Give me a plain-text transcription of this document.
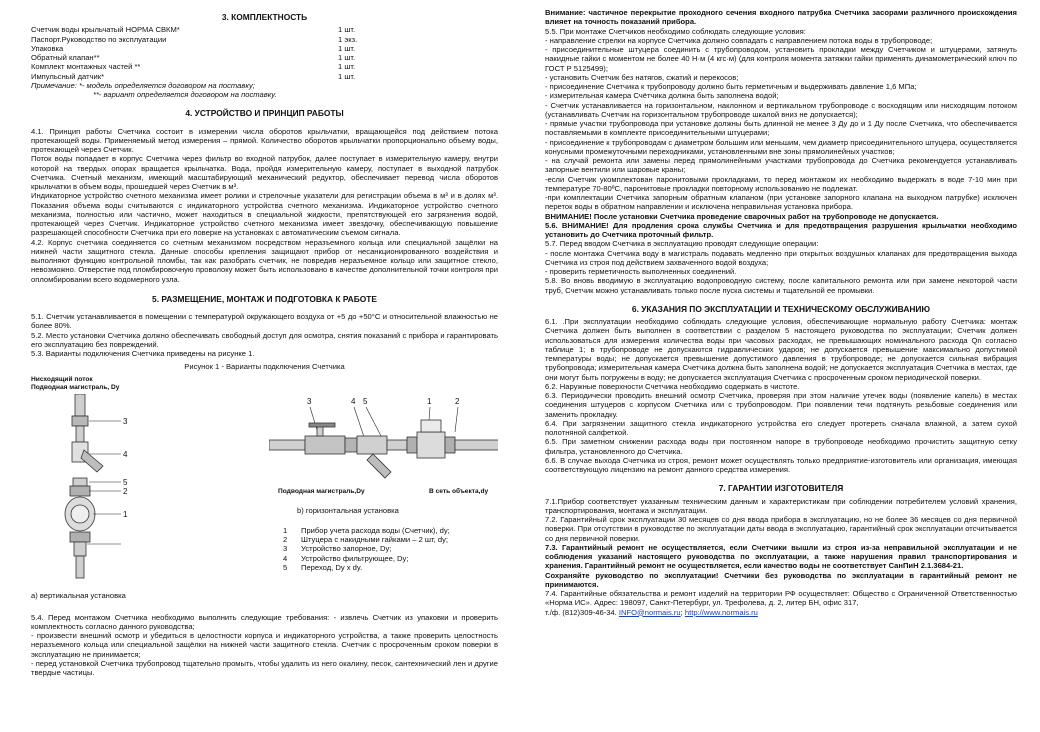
3. КОМПЛЕКТНОСТЬ
Счетчик воды крыльчатый НОРМА СВКМ*	1 шт.
Паспорт.Руководство по эксплуатации	1 экз.
Упаковка	1 шт.
Обратный клапан**	1 шт.
Комплект монтажных частей **	1 шт.
Импульсный датчик*	1 шт.

Примечание: *- модель определяется договором на поставку;

**- вариант определяется договором на поставку.

4. УСТРОЙСТВО И ПРИНЦИП РАБОТЫ

4.1. Принцип работы Счетчика состоит в измерении числа оборотов крыльчатки, вращающейся под действием потока протекающей воды. Применяемый метод измерения – прямой. Количество оборотов крыльчатки пропорционально объему воды, протекающей через Счетчик.

Поток воды попадает в корпус Счетчика через фильтр во входной патрубок, далее поступает в измерительную камеру, внутри которой на твердых опорах вращается крыльчатка. Вода, пройдя измерительную камеру, поступает в выходной патрубок Счетчика. Счетный механизм, имеющий масштабирующий механический редуктор, обеспечивает перевод числа оборотов крыльчатки в объем воды, прошедшей через Счетчик в м³.

Индикаторное устройство счетного механизма имеет ролики и стрелочные указатели для регистрации объема в м³ и в долях м³. Показания объема воды считываются с индикаторного устройства счетного механизма. Индикаторное устройство счетного механизма, полностью или частично, может находиться в специальной жидкости, препятствующей его загрязнения водой, протекающей через Счетчик. Индикаторное устройство счетного механизма имеет звездочку, обеспечивающую повышение разрешающей способности Счетчика при его поверке на установках с автоматическим съемом сигнала.

4.2. Корпус счетчика соединяется со счетным механизмом посредством неразъемного кольца или специальной защёлки на нижней части защитного стекла. Данные способы крепления защищают прибор от несанкционированного воздействия и выполняют функцию контрольной пломбы, так как разобрать счетчик, не повредив неразъемное кольцо или защитное стекло, невозможно. Отверстие под пломбировочную проволоку может быть использовано в качестве дополнительной точки контроля при опломбировании всего водомерного узла.

5. РАЗМЕЩЕНИЕ, МОНТАЖ И ПОДГОТОВКА К РАБОТЕ

5.1. Счетчик устанавливается в помещении с температурой окружающего воздуха от +5 до +50°С и относительной влажностью не более 80%.

5.2. Место установки Счетчика должно обеспечивать свободный доступ для осмотра, снятия показаний с прибора и гарантировать его эксплуатацию без повреждений.

5.3. Варианты подключения Счетчика приведены на рисунке 1.

Рисунок 1 - Варианты подключения Счетчика
Нисходящий поток
Подводная магистраль, Dy
3
4
5
2
1
3	4 5	1	2
Подводная магистраль,Dy	В сеть объекта,dy
b) горизонтальная установка
1 Прибор учета расхода воды (Счетчик), dy;
2 Штуцера с накидными гайками – 2 шт, dy;
3 Устройство запорное, Dy;
4 Устройство фильтрующее, Dy;
5 Переход, Dy x dy.
а) вертикальная установка

5.4. Перед монтажом Счетчика необходимо выполнить следующие требования: - извлечь Счетчик из упаковки и проверить комплектность согласно данного руководства;

- произвести внешний осмотр и убедиться в целостности корпуса и индикаторного устройства, а также проверить целостность неразъемного кольца или специальной защёлки на нижней части защитного стекла. Счетчик с просроченным сроком поверки в эксплуатацию не принимается;

- перед установкой Счетчика трубопровод тщательно промыть, чтобы удалить из него окалину, песок, сантехнический лен и другие твердые частицы.

Внимание: частичное перекрытие проходного сечения входного патрубка Счетчика засорами различного происхождения влияет на точность показаний прибора.

5.5. При монтаже Счетчиков необходимо соблюдать следующие условия:

- направление стрелки на корпусе Счетчика должно совпадать с направлением потока воды в трубопроводе;

- присоединительные штуцера соединить с трубопроводом, установить прокладки между Счетчиком и штуцерами, затянуть накидные гайки с моментом не более 40 Н·м (4 кгс·м) (для контроля момента затяжки гайки применять динамометрический ключ по ГОСТ Р 5125499);

- установить Счетчик без натягов, сжатий и перекосов;

- присоединение Счетчика к трубопроводу должно быть герметичным и выдерживать давление 1,6 МПа;

- измерительная камера Счётчика должна быть заполнена водой;

- Счетчик устанавливается на горизонтальном, наклонном и вертикальном трубопроводе с восходящим или нисходящим потоком (устанавливать Счетчик на горизонтальном трубопроводе шкалой вниз не допускается);

- прямые участки трубопровода при установке должны быть длинной не менее 3 Ду до и 1 Ду после Счетчика, что обеспечивается поставляемыми в комплекте присоединительными штуцерами;

- присоединение к трубопроводам с диаметром большим или меньшим, чем диаметр присоединительного штуцера, осуществляется конусными промежуточными переходниками, установленными вне зоны прямолинейных участков;

- на случай ремонта или замены перед прямолинейными участками трубопровода до Счетчика рекомендуется устанавливать запорные вентили или шаровые краны;

-если Счетчик укомплектован паронитовыми прокладками, то перед монтажом их необходимо выдержать в воде 7-10 мин при температуре 70-80ºС, паронитовые прокладки повторному использованию не подлежат.

-при комплектации Счетчика запорным обратным клапаном (при установке запорного клапана на выходном патрубке) исключен переток воды в обратном направлении и исключена неправильная установка прибора.

ВНИМАНИЕ! После установки Счетчика проведение сварочных работ на трубопроводе не допускается.

5.6. ВНИМАНИЕ! Для продления срока службы Счетчика и для предотвращения разрушения крыльчатки необходимо установить до Счетчика проточный фильтр.

5.7. Перед вводом Счетчика в эксплуатацию проводят следующие операции:

- после монтажа Счетчика воду в магистраль подавать медленно при открытых воздушных клапанах для предотвращения выхода Счетчика из строя под действием захваченного водой воздуха;

- проверить герметичность выполненных соединений.

5.8. Во вновь вводимую в эксплуатацию водопроводную систему, после капитального ремонта или при замене некоторой части труб, Счетчик можно устанавливать только после пуска системы и тщательной ее промывки.

6. УКАЗАНИЯ ПО ЭКСПЛУАТАЦИИ И ТЕХНИЧЕСКОМУ ОБСЛУЖИВАНИЮ

6.1. .При эксплуатации необходимо соблюдать следующие условия, обеспечивающие нормальную работу Счетчика: монтаж Счетчика должен быть выполнен в соответствии с разделом 5 настоящего руководства по эксплуатации; Счетчик должен использоваться для измерения количества воды при часовых расходах, не превышающих номинального расхода Qn согласно таблице 1; в трубопроводе не допускаются гидравлических ударов; не допускается превышение максимально допустимой температуры воды; не допускается превышение допустимого давления в трубопроводе; не допускается сильная вибрация трубопровода; измерительная камера Счетчика должна быть заполнена водой; не допускается эксплуатация Счетчика в местах, где они могут быть погружены в воду; не допускается эксплуатация Счетчика с просроченным сроком периодической поверки.

6.2. Наружные поверхности Счетчика необходимо содержать в чистоте.

6.3. Периодически проводить внешний осмотр Счетчика, проверяя при этом наличие утечек воды (появление капель) в местах соединения штуцеров с корпусом Счетчика или с трубопроводом. При появлении течи подтянуть резьбовые соединения или заменить прокладку.

6.4. При загрязнении защитного стекла индикаторного устройства его следует протереть сначала влажной, а затем сухой полотняной салфеткой.

6.5. При заметном снижении расхода воды при постоянном напоре в трубопроводе необходимо прочистить защитную сетку фильтра, установленного до Счетчика.

6.6. В случае выхода Счетчика из строя, ремонт может осуществлять только предприятие-изготовитель или организация, имеющая соответствующую лицензию на ремонт данного средства измерения.

7. ГАРАНТИИ ИЗГОТОВИТЕЛЯ

7.1.Прибор соответствует указанным техническим данным и характеристикам при соблюдении потребителем условий хранения, транспортирования, монтажа и эксплуатации.

7.2. Гарантийный срок эксплуатации 30 месяцев со дня ввода прибора в эксплуатацию, но не более 36 месяцев со дня первичной поверки. При отсутствии в руководстве по эксплуатации даты ввода в эксплуатацию, гарантийный срок эксплуатации отсчитывается со дня первичной поверки.

7.3. Гарантийный ремонт не осуществляется, если Счетчики вышли из строя из-за неправильной эксплуатации и не соблюдения указаний настоящего руководства по эксплуатации, а также нарушения правил транспортирования и хранения. Гарантийный ремонт не осуществляется, если качество воды не соответствует СанПиН 2.1.3684-21.

Сохраняйте руководство по эксплуатации! Счетчики без руководства по эксплуатации в гарантийный ремонт не принимаются.

7.4. Гарантийные обязательства и ремонт изделий на территории РФ осуществляет: Общество с Ограниченной Ответственностью «Норма ИС». Адрес: 198097, Санкт-Петербург, ул. Трефолева, д. 2, литер БН, офис 317,

т./ф. (812)309-46-34. INFO@normais.ru; http://www.normais.ru
